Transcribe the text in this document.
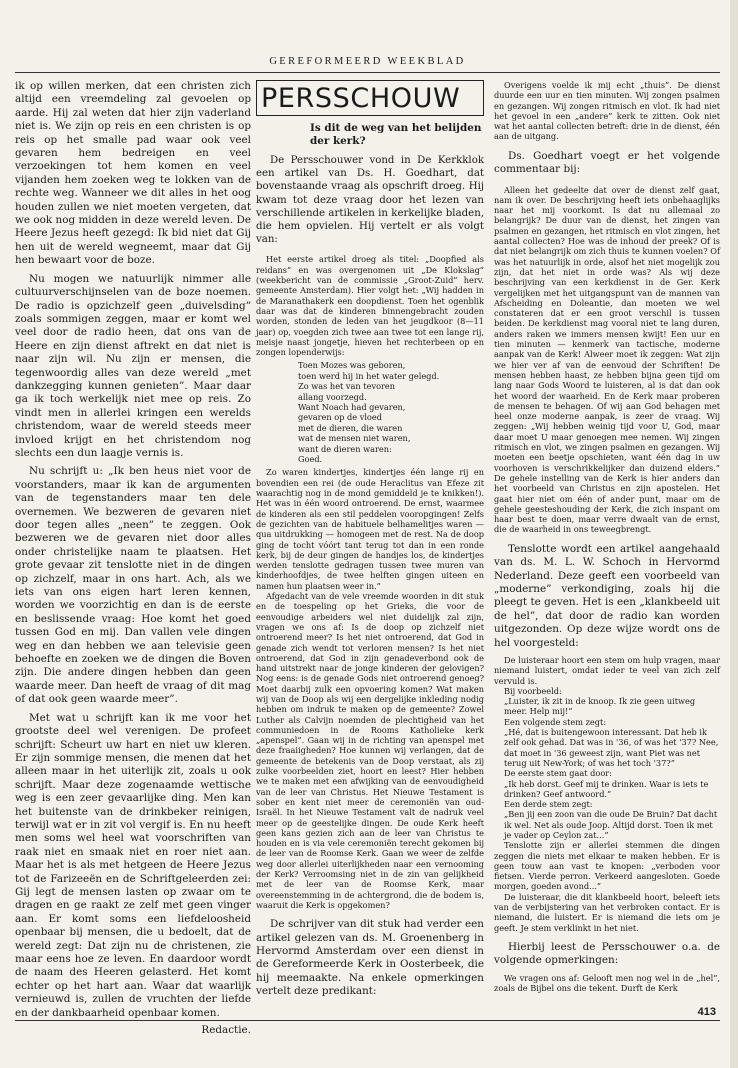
GEREFORMEERD WEEKBLAD

ik op willen merken, dat een christen zich altijd een vreemdeling zal gevoelen op aarde. Hij zal weten dat hier zijn vaderland niet is. We zijn op reis en een christen is op reis op het smalle pad waar ook veel gevaren hem bedreigen en veel verzoekingen tot hem komen en veel vijanden hem zoeken weg te lokken van de rechte weg. Wanneer we dit alles in het oog houden zullen we niet moeten vergeten, dat we ook nog midden in deze wereld leven. De Heere Jezus heeft gezegd: Ik bid niet dat Gij hen uit de wereld wegneemt, maar dat Gij hen bewaart voor de boze.

Nu mogen we natuurlijk nimmer alle cultuurverschijnselen van de boze noemen. De radio is opzichzelf geen „duivelsding” zoals sommigen zeggen, maar er komt wel veel door de radio heen, dat ons van de Heere en zijn dienst aftrekt en dat niet is naar zijn wil. Nu zijn er mensen, die tegenwoordig alles van deze wereld „met dankzegging kunnen genieten”. Maar daar ga ik toch werkelijk niet mee op reis. Zo vindt men in allerlei kringen een werelds christendom, waar de wereld steeds meer invloed krijgt en het christendom nog slechts een dun laagje vernis is.

Nu schrijft u: „Ik ben heus niet voor de voorstanders, maar ik kan de argumenten van de tegenstanders maar ten dele overnemen. We bezweren de gevaren niet door tegen alles „neen” te zeggen. Ook bezweren we de gevaren niet door alles onder christelijke naam te plaatsen. Het grote gevaar zit tenslotte niet in de dingen op zichzelf, maar in ons hart. Ach, als we iets van ons eigen hart leren kennen, worden we voorzichtig en dan is de eerste en beslissende vraag: Hoe komt het goed tussen God en mij. Dan vallen vele dingen weg en dan hebben we aan televisie geen behoefte en zoeken we de dingen die Boven zijn. Die andere dingen hebben dan geen waarde meer. Dan heeft de vraag of dit mag of dat ook geen waarde meer”.

Met wat u schrijft kan ik me voor het grootste deel wel verenigen. De profeet schrijft: Scheurt uw hart en niet uw kleren. Er zijn sommige mensen, die menen dat het alleen maar in het uiterlijk zit, zoals u ook schrijft. Maar deze zogenaamde wettische weg is een zeer gevaarlijke ding. Men kan het buitenste van de drinkbeker reinigen, terwijl wat er in zit vol vergif is. En nu heeft men soms wel heel wat voorschriften van raak niet en smaak niet en roer niet aan. Maar het is als met hetgeen de Heere Jezus tot de Farizeeën en de Schriftgeleerden zei: Gij legt de mensen lasten op zwaar om te dragen en ge raakt ze zelf met geen vinger aan. Er komt soms een liefdeloosheid openbaar bij mensen, die u bedoelt, dat de wereld zegt: Dat zijn nu de christenen, zie maar eens hoe ze leven. En daardoor wordt de naam des Heeren gelasterd. Het komt echter op het hart aan. Waar dat waarlijk vernieuwd is, zullen de vruchten der liefde en der dankbaarheid openbaar komen.

Redactie.
PERSSCHOUW
Is dit de weg van het belijden der kerk?

De Persschouwer vond in De Kerkklok een artikel van Ds. H. Goedhart, dat bovenstaande vraag als opschrift droeg. Hij kwam tot deze vraag door het lezen van verschillende artikelen in kerkelijke bladen, die hem opvielen. Hij vertelt er als volgt van:

Het eerste artikel droeg als titel: „Doopfied als reidans” en was overgenomen uit „De Klokslag” (weekbericht van de commissie „Groot-Zuid” herv. gemeente Amsterdam). Hier volgt het: „Wij hadden in de Maranathakerk een doopdienst. Toen het ogenblik daar was dat de kinderen binnengebracht zouden worden, stonden de leden van het jeugdkoor (8—11 jaar) op, voegden zich twee aan twee tot een lange rij, meisje naast jongetje, hieven het rechterbeen op en zongen lopenderwijs:

Toen Mozes was geboren,
toen werd hij in het water gelegd.
Zo was het van tevoren
allang voorzegd.
Want Noach had gevaren,
gevaren op de vloed
met de dieren, die waren
wat de mensen niet waren,
want de dieren waren:
Goed.

Zo waren kindertjes, kindertjes één lange rij en bovendien een rei (de oude Heraclitus van Efeze zit waarachtig nog in de mond gemiddeld je te knikken!). Het was in één woord ontroerend. De ernst, waarmee de kinderen als een stil peddelen vooropgingen! Zelfs de gezichten van de habituele belhamelitjes waren — qua uitdrukking — homogeen met de rest. Na de doop ging de tocht vóórt tant terug tot dan in een ronde kerk, bij de deur gingen de handjes los, de kindertjes werden tenslotte gedragen tussen twee muren van kinderhoofdjes, de twee helften gingen uiteen en namen hun plaatsen weer in.”

Afgedacht van de vele vreemde woorden in dit stuk en de toespeling op het Grieks, die voor de eenvoudige arbeiders wel niet duidelijk zal zijn, vragen we ons af: Is de doop op zichzelf niet ontroerend meer? Is het niet ontroerend, dat God in genade zich wendt tot verloren mensen? Is het niet ontroerend, dat God in zijn genadeverbond ook de hand uitstrekt naar de jonge kinderen der gelovigen? Nog eens: is de genade Gods niet ontroerend genoeg? Moet daarbij zulk een opvoering komen? Wat maken wij van de Doop als wij een dergelijke inkleding nodig hebben om indruk te maken op de gemeente? Zowel Luther als Calvijn noemden de plechtigheid van het communiedoen in de Rooms Katholieke kerk „apenspel”. Gaan wij in de richting van apenspel met deze fraaiigheden? Hoe kunnen wij verlangen, dat de gemeente de betekenis van de Doop verstaat, als zij zulke voorbeelden ziet, hoort en leest? Hier hebben we te maken met een afwijking van de eenvoudigheid van de leer van Christus. Het Nieuwe Testament is sober en kent niet meer de ceremoniën van oud-Israël. In het Nieuwe Testament valt de nadruk veel meer op de geestelijke dingen. De oude Kerk heeft geen kans gezien zich aan de leer van Christus te houden en is via vele ceremoniën terecht gekomen bij de leer van de Roomse Kerk. Gaan we weer de zelfde weg door allerlei uiterlijkheden naar een vernooming der Kerk? Verroomsing niet in de zin van gelijkheid met de leer van de Roomse Kerk, maar overeenstemming in de achtergrond, die de bodem is, waaruit die Kerk is opgekomen?

De schrijver van dit stuk had verder een artikel gelezen van ds. M. Groenenberg in Hervormd Amsterdam over een dienst in de Gereformeerde Kerk in Oosterbeek, die hij meemaakte. Na enkele opmerkingen vertelt deze predikant:

Overigens voelde ik mij echt „thuis”. De dienst duurde een uur en tien minuten. Wij zongen psalmen en gezangen. Wij zongen ritmisch en vlot. Ik had niet het gevoel in een „andere” kerk te zitten. Ook niet wat het aantal collecten betreft: drie in de dienst, één aan de uitgang.

Ds. Goedhart voegt er het volgende commentaar bij:

Alleen het gedeelte dat over de dienst zelf gaat, nam ik over. De beschrijving heeft iets onbehaaglijks naar het mij voorkomt. Is dat nu allemaal zo belangrijk? De duur van de dienst, het zingen van psalmen en gezangen, het ritmisch en vlot zingen, het aantal collecten? Hoe was de inhoud der preek? Of is dat niet belangrijk om zich thuis te kunnen voelen? Of was het natuurlijk in orde, alsof het niet mogelijk zou zijn, dat het niet in orde was? Als wij deze beschrijving van een kerkdienst in de Ger. Kerk vergelijken met het uitgangspunt van de mannen van Afscheiding en Doleantie, dan moeten we wel constateren dat er een groot verschil is tussen beiden. De kerkdienst mag vooral niet te lang duren, anders raken we immers mensen kwijt! Een uur en tien minuten — kenmerk van tactische, moderne aanpak van de Kerk! Alweer moet ik zeggen: Wat zijn we hier ver af van de eenvoud der Schriften! De mensen hebben haast, ze hebben bijna geen tijd om lang naar Gods Woord te luisteren, al is dat dan ook het woord der waarheid. En de Kerk maar proberen de mensen te behagen. Of wij aan God behagen met heel onze moderne aanpak, is zeer de vraag. Wij zeggen: „Wij hebben weinig tijd voor U, God, maar daar moet U maar genoegen mee nemen. Wij zingen ritmisch en vlot, we zingen psalmen en gezangen. Wij moeten een beetje opschieten, want één dag in uw voorhoven is verschrikkelijker dan duizend elders.” De gehele instelling van de Kerk is hier anders dan het voorbeeld van Christus en zijn apostelen. Het gaat hier niet om één of ander punt, maar om de gehele geesteshouding der Kerk, die zich inspant om haar best te doen, maar verre dwaalt van de ernst, die de waarheid in ons teweegbrengt.

Tenslotte wordt een artikel aangehaald van ds. M. L. W. Schoch in Hervormd Nederland. Deze geeft een voorbeeld van „moderne” verkondiging, zoals hij die pleegt te geven. Het is een „klankbeeld uit de hel”, dat door de radio kan worden uitgezonden. Op deze wijze wordt ons de hel voorgesteld:

De luisteraar hoort een stem om hulp vragen, maar niemand luistert, omdat ieder te veel van zich zelf vervuld is.

Bij voorbeeld:
„Luister, ik zit in de knoop. Ik zie geen uitweg meer. Help mij!”
Een volgende stem zegt:
„Hé, dat is buitengewoon interessant. Dat heb ik zelf ook gehad. Dat was in '36, of was het '37? Nee, dat moet in '36 geweest zijn, want Piet was net terug uit New-York; of was het toch '37?”
De eerste stem gaat door:
„Ik heb dorst. Geef mij te drinken. Waar is iets te drinken? Geef antwoord.”
Een derde stem zegt:
„Ben jij een zoon van die oude De Bruin? Dat dacht ik wel. Net als oude Joop. Altijd dorst. Toen ik met je vader op Ceylon zat...”

Tenslotte zijn er allerlei stemmen die dingen zeggen die niets met elkaar te maken hebben. Er is geen touw aan vast te knopen: „verboden voor fietsen. Vierde perron. Verkeerd aangesloten. Goede morgen, goeden avond...”

De luisteraar, die dit klankbeeld hoort, beleeft iets van de verbijstering van het verbroken contact. Er is niemand, die luistert. Er is niemand die iets om je geeft. Je stem verklinkt in het niet.

Hierbij leest de Persschouwer o.a. de volgende opmerkingen:

We vragen ons af: Gelooft men nog wel in de „hel”, zoals de Bijbel ons die tekent. Durft de Kerk

413
